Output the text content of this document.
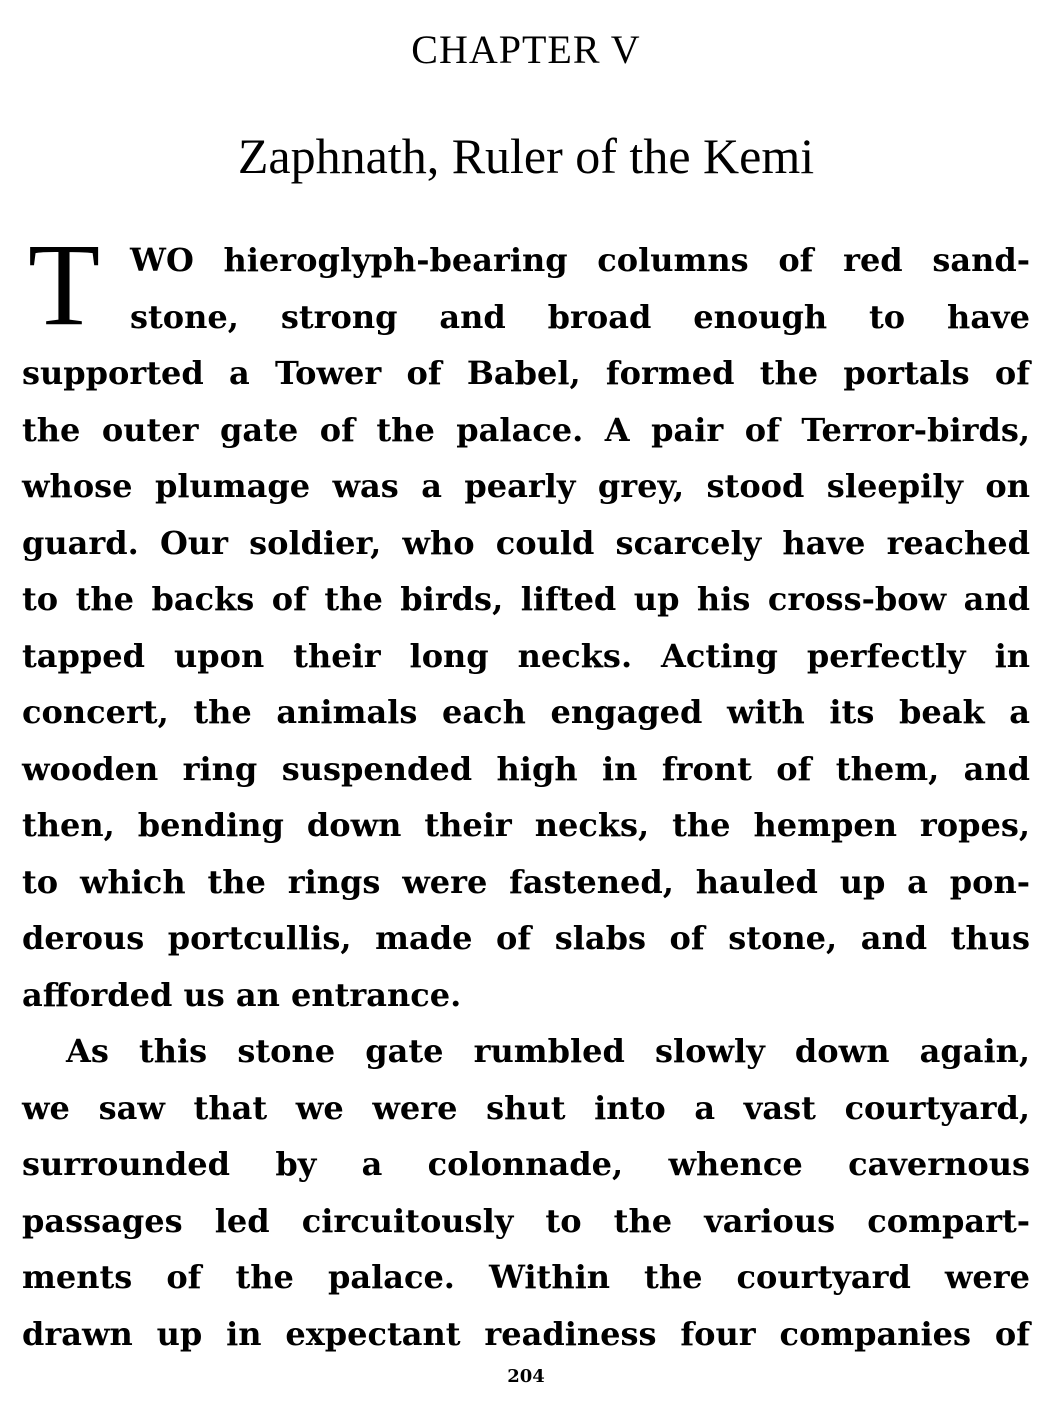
CHAPTER V
Zaphnath, Ruler of the Kemi
T WO hieroglyph-bearing columns of red sand-
stone, strong and broad enough to have
supported a Tower of Babel, formed the portals of
the outer gate of the palace. A pair of Terror-birds,
whose plumage was a pearly grey, stood sleepily on
guard. Our soldier, who could scarcely have reached
to the backs of the birds, lifted up his cross-bow and
tapped upon their long necks. Acting perfectly in
concert, the animals each engaged with its beak a
wooden ring suspended high in front of them, and
then, bending down their necks, the hempen ropes,
to which the rings were fastened, hauled up a pon-
derous portcullis, made of slabs of stone, and thus
afforded us an entrance.
As this stone gate rumbled slowly down again,
we saw that we were shut into a vast courtyard,
surrounded by a colonnade, whence cavernous
passages led circuitously to the various compart-
ments of the palace. Within the courtyard were
drawn up in expectant readiness four companies of
204
